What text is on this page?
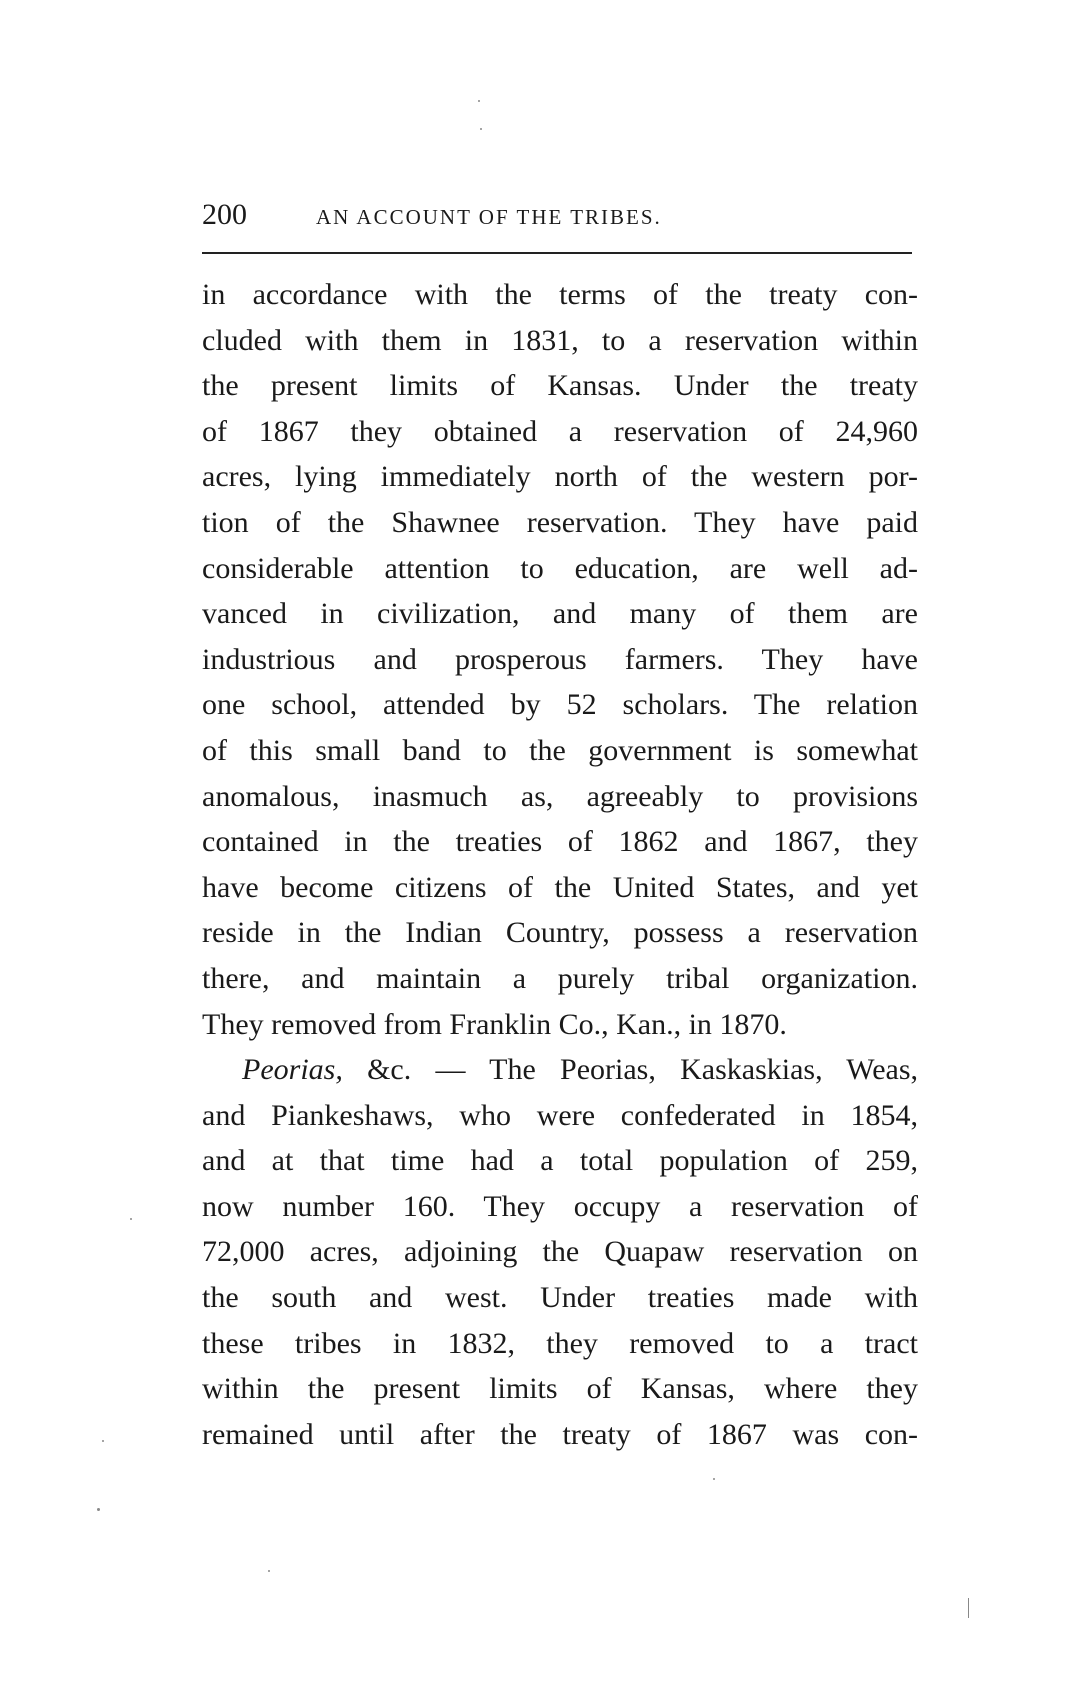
200	AN ACCOUNT OF THE TRIBES.
in accordance with the terms of the treaty con-
cluded with them in 1831, to a reservation within
the present limits of Kansas. Under the treaty
of 1867 they obtained a reservation of 24,960
acres, lying immediately north of the western por-
tion of the Shawnee reservation. They have paid
considerable attention to education, are well ad-
vanced in civilization, and many of them are
industrious and prosperous farmers. They have
one school, attended by 52 scholars. The relation
of this small band to the government is somewhat
anomalous, inasmuch as, agreeably to provisions
contained in the treaties of 1862 and 1867, they
have become citizens of the United States, and yet
reside in the Indian Country, possess a reservation
there, and maintain a purely tribal organization.
They removed from Franklin Co., Kan., in 1870.
Peorias, &c. — The Peorias, Kaskaskias, Weas,
and Piankeshaws, who were confederated in 1854,
and at that time had a total population of 259,
now number 160. They occupy a reservation of
72,000 acres, adjoining the Quapaw reservation on
the south and west. Under treaties made with
these tribes in 1832, they removed to a tract
within the present limits of Kansas, where they
remained until after the treaty of 1867 was con-
